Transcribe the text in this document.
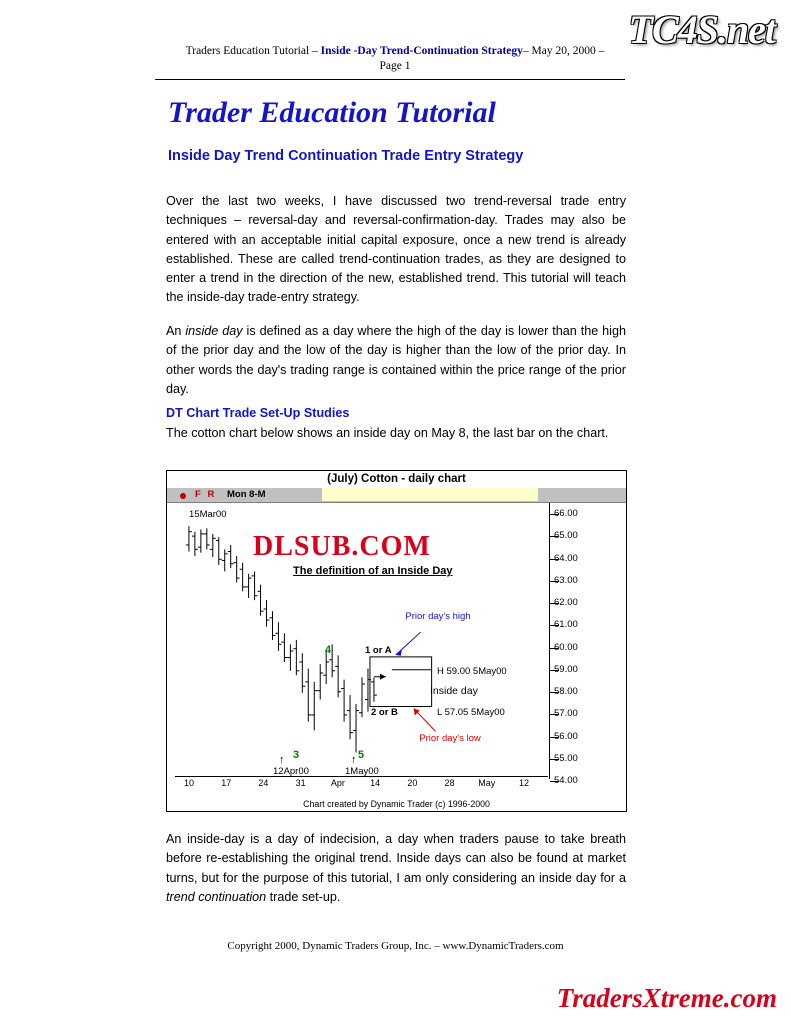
TC4S.net
Traders Education Tutorial – Inside -Day Trend-Continuation Strategy– May 20, 2000 –
Page 1
Trader Education Tutorial
Inside Day Trend Continuation Trade Entry Strategy
Over the last two weeks, I have discussed two trend-reversal trade entry techniques – reversal-day and reversal-confirmation-day. Trades may also be entered with an acceptable initial capital exposure, once a new trend is already established. These are called trend-continuation trades, as they are designed to enter a trend in the direction of the new, established trend. This tutorial will teach the inside-day trade-entry strategy.
An inside day is defined as a day where the high of the day is lower than the high of the prior day and the low of the day is higher than the low of the prior day. In other words the day's trading range is contained within the price range of the prior day.
DT Chart Trade Set-Up Studies
The cotton chart below shows an inside day on May 8, the last bar on the chart.
(July) Cotton - daily chart
F R Mon 8-M
66.00
65.00
64.00
63.00
62.00
61.00
60.00
59.00
58.00
57.00
56.00
55.00
54.00
15Mar00
The definition of an Inside Day
4	1 or A
3	5
2 or B
Prior day's high
H 59.00 5May00
Inside day
L 57.05 5May00
Prior day's low
12Apr00	1May00
↑	↑
DLSUB.COM
10	17	24	31	Apr	14	20	28	May	12
Chart created by Dynamic Trader (c) 1996-2000
An inside-day is a day of indecision, a day when traders pause to take breath before re-establishing the original trend. Inside days can also be found at market turns, but for the purpose of this tutorial, I am only considering an inside day for a trend continuation trade set-up.
Copyright 2000, Dynamic Traders Group, Inc. – www.DynamicTraders.com
TradersXtreme.com
